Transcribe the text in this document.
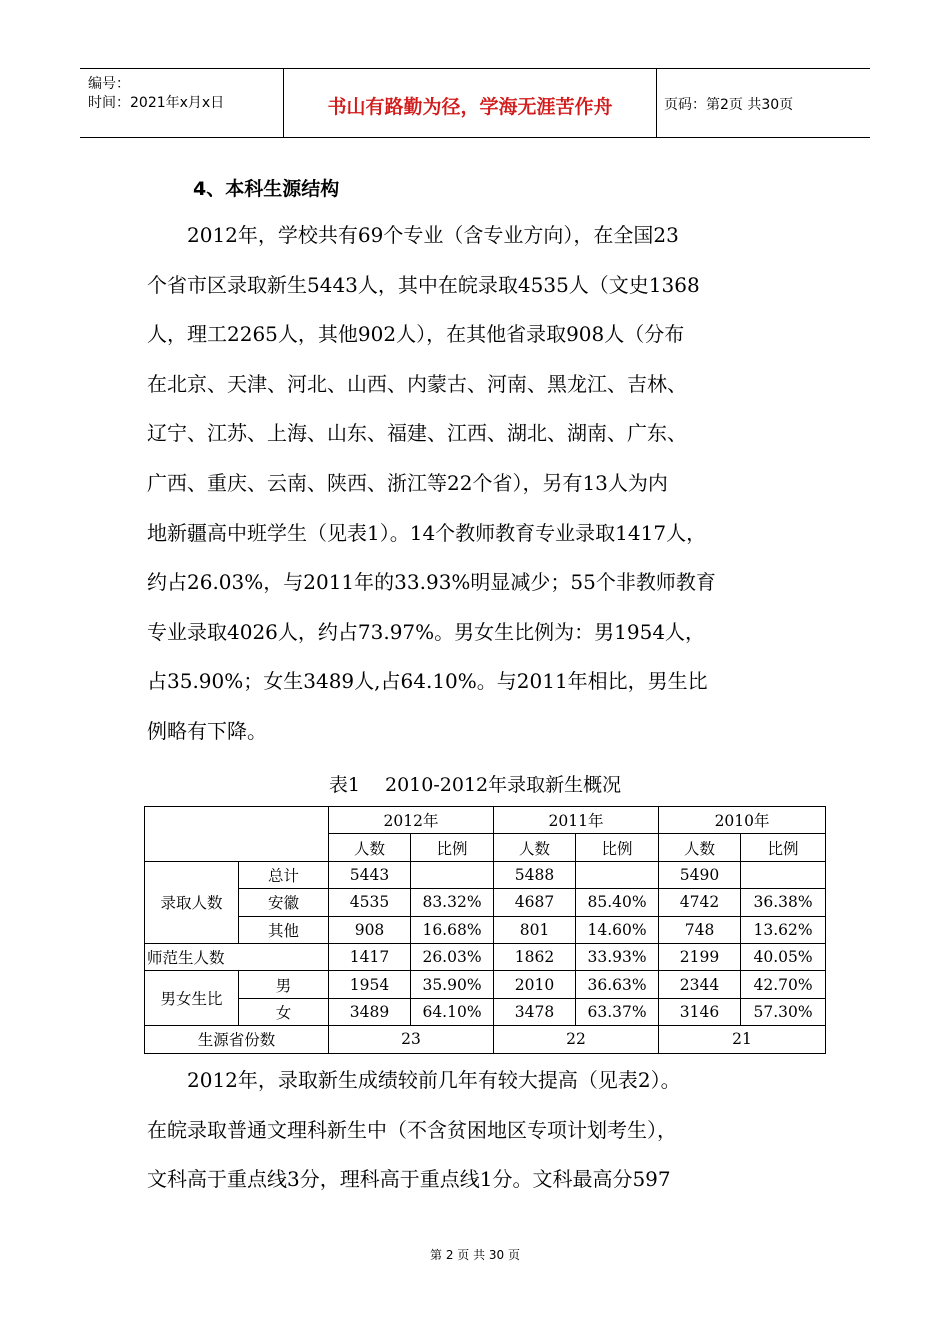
编号：
时间：2021年x月x日	书山有路勤为径，学海无涯苦作舟	页码：第2页 共30页
4、本科生源结构
　　2012年，学校共有69个专业（含专业方向），在全国23
个省市区录取新生5443人，其中在皖录取4535人（文史1368
人，理工2265人，其他902人），在其他省录取908人（分布
在北京、天津、河北、山西、内蒙古、河南、黑龙江、吉林、
辽宁、江苏、上海、山东、福建、江西、湖北、湖南、广东、
广西、重庆、云南、陕西、浙江等22个省），另有13人为内
地新疆高中班学生（见表1）。14个教师教育专业录取1417人，
约占26.03%，与2011年的33.93%明显减少；55个非教师教育
专业录取4026人，约占73.97%。男女生比例为：男1954人，
占35.90%；女生3489人,占64.10%。与2011年相比，男生比
例略有下降。
表1　 2010-2012年录取新生概况
		2012年		2011年		2010年	
		人数	比例	人数	比例	人数	比例
录取人数	总计	5443		5488		5490	
	安徽	4535	83.32%	4687	85.40%	4742	36.38%
	其他	908	16.68%	801	14.60%	748	13.62%
师范生人数		1417	26.03%	1862	33.93%	2199	40.05%
男女生比	男	1954	35.90%	2010	36.63%	2344	42.70%
	女	3489	64.10%	3478	63.37%	3146	57.30%
生源省份数		23		22		21	
　　2012年，录取新生成绩较前几年有较大提高（见表2）。
在皖录取普通文理科新生中（不含贫困地区专项计划考生），
文科高于重点线3分，理科高于重点线1分。文科最高分597
第 2 页 共 30 页
